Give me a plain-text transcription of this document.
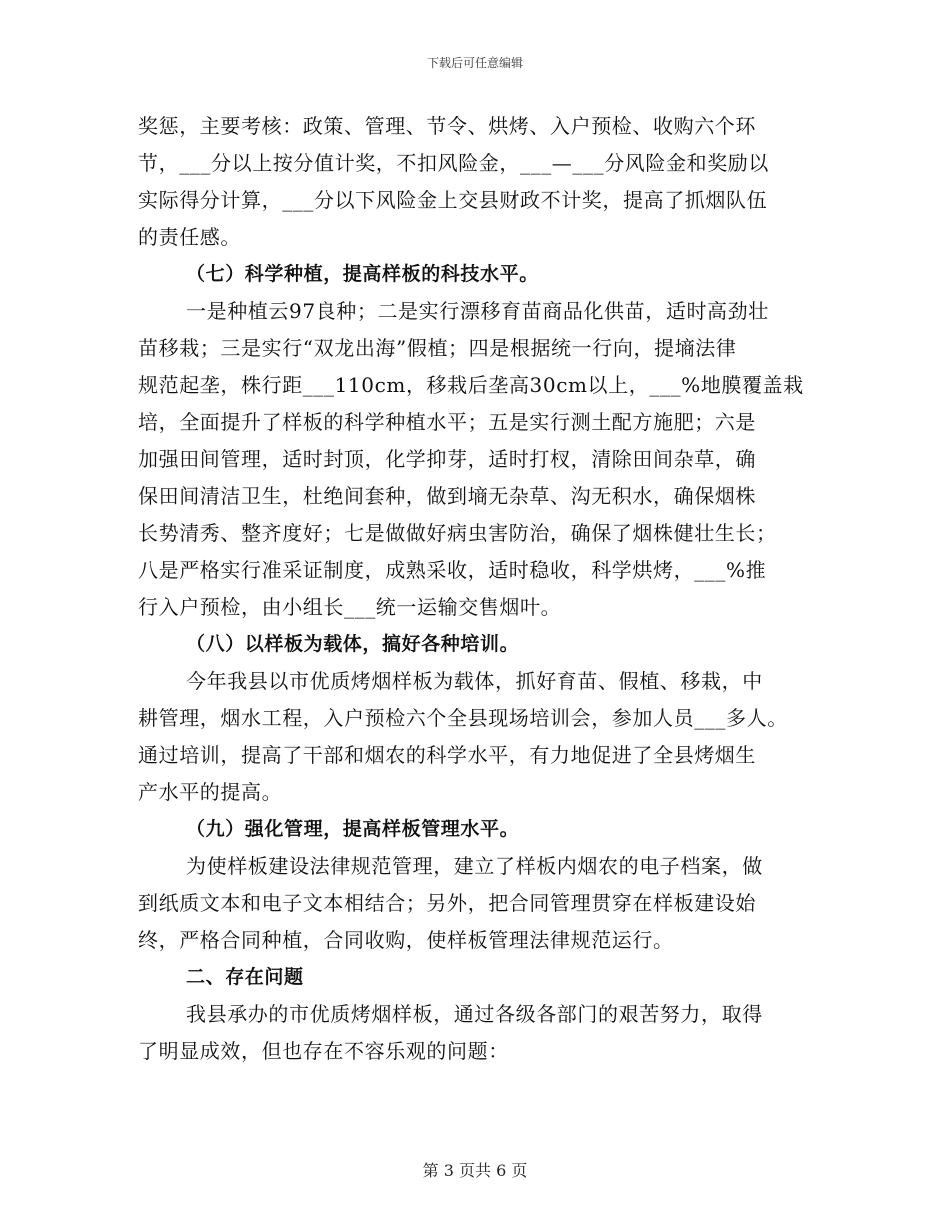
下载后可任意编辑
奖惩，主要考核：政策、管理、节令、烘烤、入户预检、收购六个环
节，___分以上按分值计奖，不扣风险金，___—___分风险金和奖励以
实际得分计算，___分以下风险金上交县财政不计奖，提高了抓烟队伍
的责任感。
（七）科学种植，提高样板的科技水平。
一是种植云97良种；二是实行漂移育苗商品化供苗，适时高劲壮
苗移栽；三是实行“双龙出海”假植；四是根据统一行向，提墒法律
规范起垄，株行距___110cm，移栽后垄高30cm以上，___%地膜覆盖栽
培，全面提升了样板的科学种植水平；五是实行测土配方施肥；六是
加强田间管理，适时封顶，化学抑芽，适时打杈，清除田间杂草，确
保田间清洁卫生，杜绝间套种，做到墒无杂草、沟无积水，确保烟株
长势清秀、整齐度好；七是做做好病虫害防治，确保了烟株健壮生长；
八是严格实行准采证制度，成熟采收，适时稳收，科学烘烤，___%推
行入户预检，由小组长___统一运输交售烟叶。
（八）以样板为载体，搞好各种培训。
今年我县以市优质烤烟样板为载体，抓好育苗、假植、移栽，中
耕管理，烟水工程，入户预检六个全县现场培训会，参加人员___多人。
通过培训，提高了干部和烟农的科学水平，有力地促进了全县烤烟生
产水平的提高。
（九）强化管理，提高样板管理水平。
为使样板建设法律规范管理，建立了样板内烟农的电子档案，做
到纸质文本和电子文本相结合；另外，把合同管理贯穿在样板建设始
终，严格合同种植，合同收购，使样板管理法律规范运行。
二、存在问题
我县承办的市优质烤烟样板，通过各级各部门的艰苦努力，取得
了明显成效，但也存在不容乐观的问题：
第 3 页共 6 页
